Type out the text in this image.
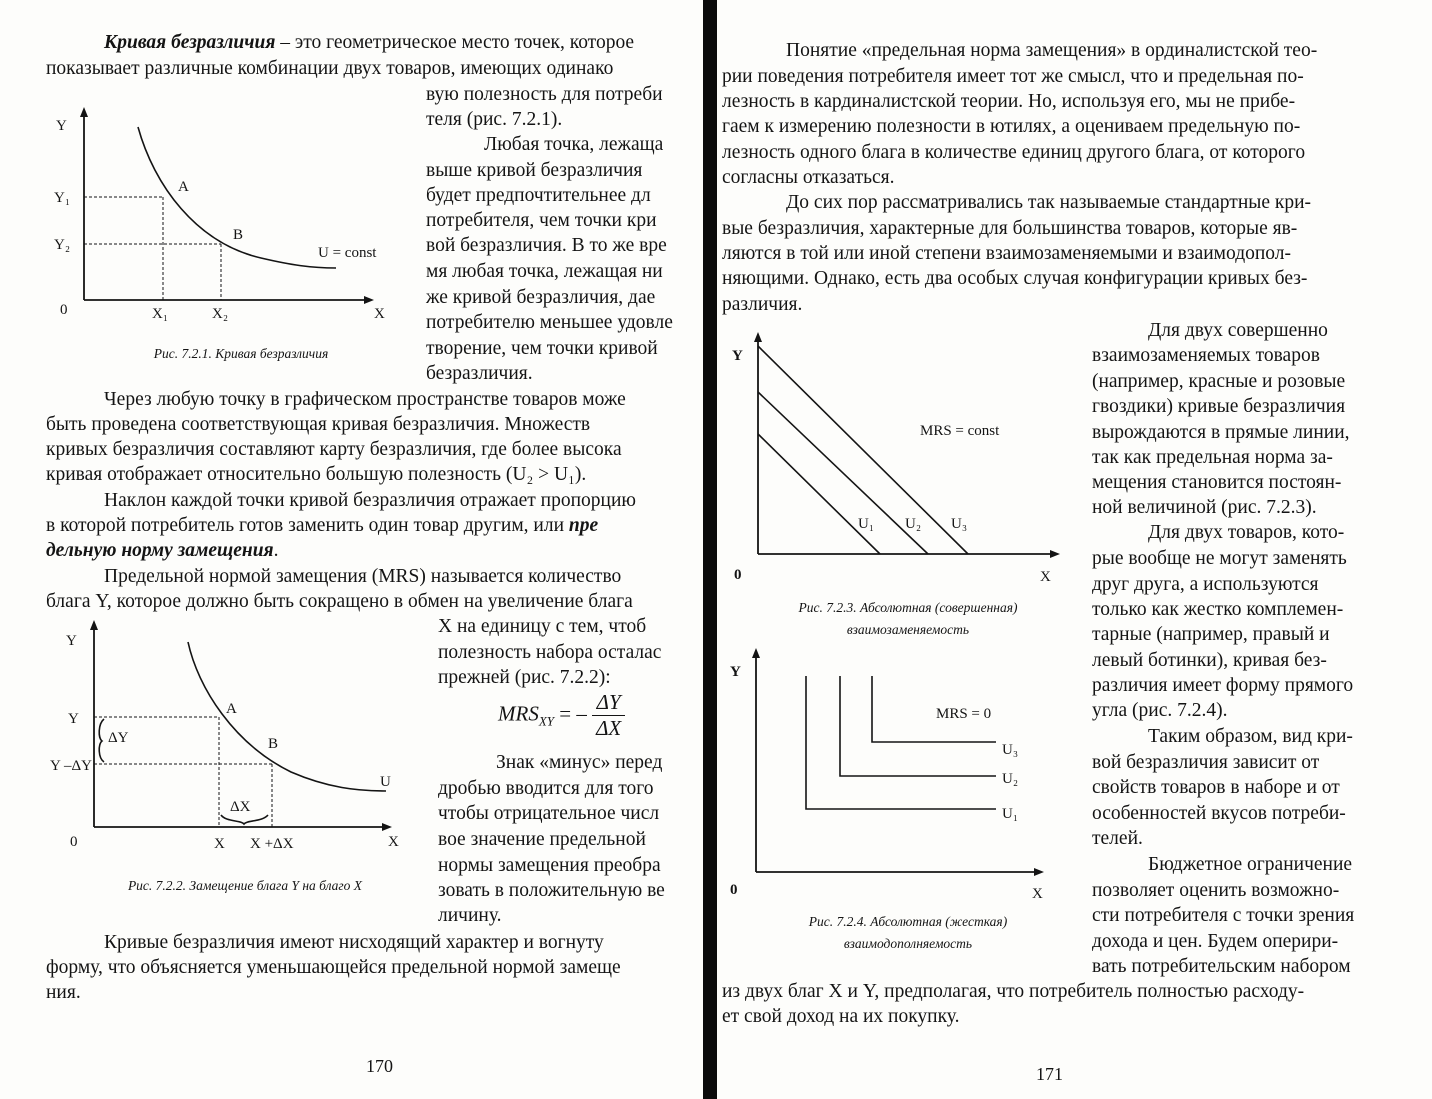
Кривая безразличия – это геометрическое место точек, которое

показывает различные комбинации двух товаров, имеющих одинако

вую полезность для потреби

теля (рис. 7.2.1).

Y
Y₁
Y₂
0	X₁	X₂	X
A
B
U = const
Рис. 7.2.1. Кривая безразличия

Любая точка, лежаща

выше кривой безразличия

будет предпочтительнее дл

потребителя, чем точки кри

вой безразличия. В то же вре

мя любая точка, лежащая ни

же кривой безразличия, дае

потребителю меньшее удовле

творение, чем точки кривой

безразличия.

Через любую точку в графическом пространстве товаров може

быть проведена соответствующая кривая безразличия. Множеств

кривых безразличия составляют карту безразличия, где более высока

кривая отображает относительно большую полезность (U₂ > U₁).

Наклон каждой точки кривой безразличия отражает пропорцию

в которой потребитель готов заменить один товар другим, или пре

дельную норму замещения.

Предельной нормой замещения (MRS) называется количество

блага Y, которое должно быть сокращено в обмен на увеличение блага

Y
Y
Y –ΔY
ΔY
ΔX
0	X X +ΔX	X
A
B
U
Рис. 7.2.2. Замещение блага Y на благо X

X на единицу с тем, чтоб

полезность набора осталас

прежней (рис. 7.2.2):

$MRS_{XY}$ = – $\frac{\Delta Y}{\Delta X}$

Знак «минус» перед

дробью вводится для того

чтобы отрицательное числ

вое значение предельной

нормы замещения преобра

зовать в положительную ве

личину.

Кривые безразличия имеют нисходящий характер и вогнуту

форму, что объясняется уменьшающейся предельной нормой замеще

ния.

170

Понятие «предельная норма замещения» в ординалистской тео-

рии поведения потребителя имеет тот же смысл, что и предельная по-

лезность в кардиналистской теории. Но, используя его, мы не прибе-

гаем к измерению полезности в ютилях, а оцениваем предельную по-

лезность одного блага в количестве единиц другого блага, от которого

согласны отказаться.

До сих пор рассматривались так называемые стандартные кри-

вые безразличия, характерные для большинства товаров, которые яв-

ляются в той или иной степени взаимозаменяемыми и взаимодопол-

няющими. Однако, есть два особых случая конфигурации кривых без-

различия.

Y
0	X
MRS = const
U₁ U₂ U₃
Рис. 7.2.3. Абсолютная (совершенная)
взаимозаменяемость
Y
0	X
MRS = 0
U₃
U₂
U₁
Рис. 7.2.4. Абсолютная (жесткая)
взаимодополняемость

Для двух совершенно

взаимозаменяемых товаров

(например, красные и розовые

гвоздики) кривые безразличия

вырождаются в прямые линии,

так как предельная норма за-

мещения становится постоян-

ной величиной (рис. 7.2.3).

Для двух товаров, кото-

рые вообще не могут заменять

друг друга, а используются

только как жестко комплемен-

тарные (например, правый и

левый ботинки), кривая без-

различия имеет форму прямого

угла (рис. 7.2.4).

Таким образом, вид кри-

вой безразличия зависит от

свойств товаров в наборе и от

особенностей вкусов потреби-

телей.

Бюджетное ограничение

позволяет оценить возможно-

сти потребителя с точки зрения

дохода и цен. Будем оперири-

вать потребительским набором

из двух благ X и Y, предполагая, что потребитель полностью расходу-

ет свой доход на их покупку.

171
